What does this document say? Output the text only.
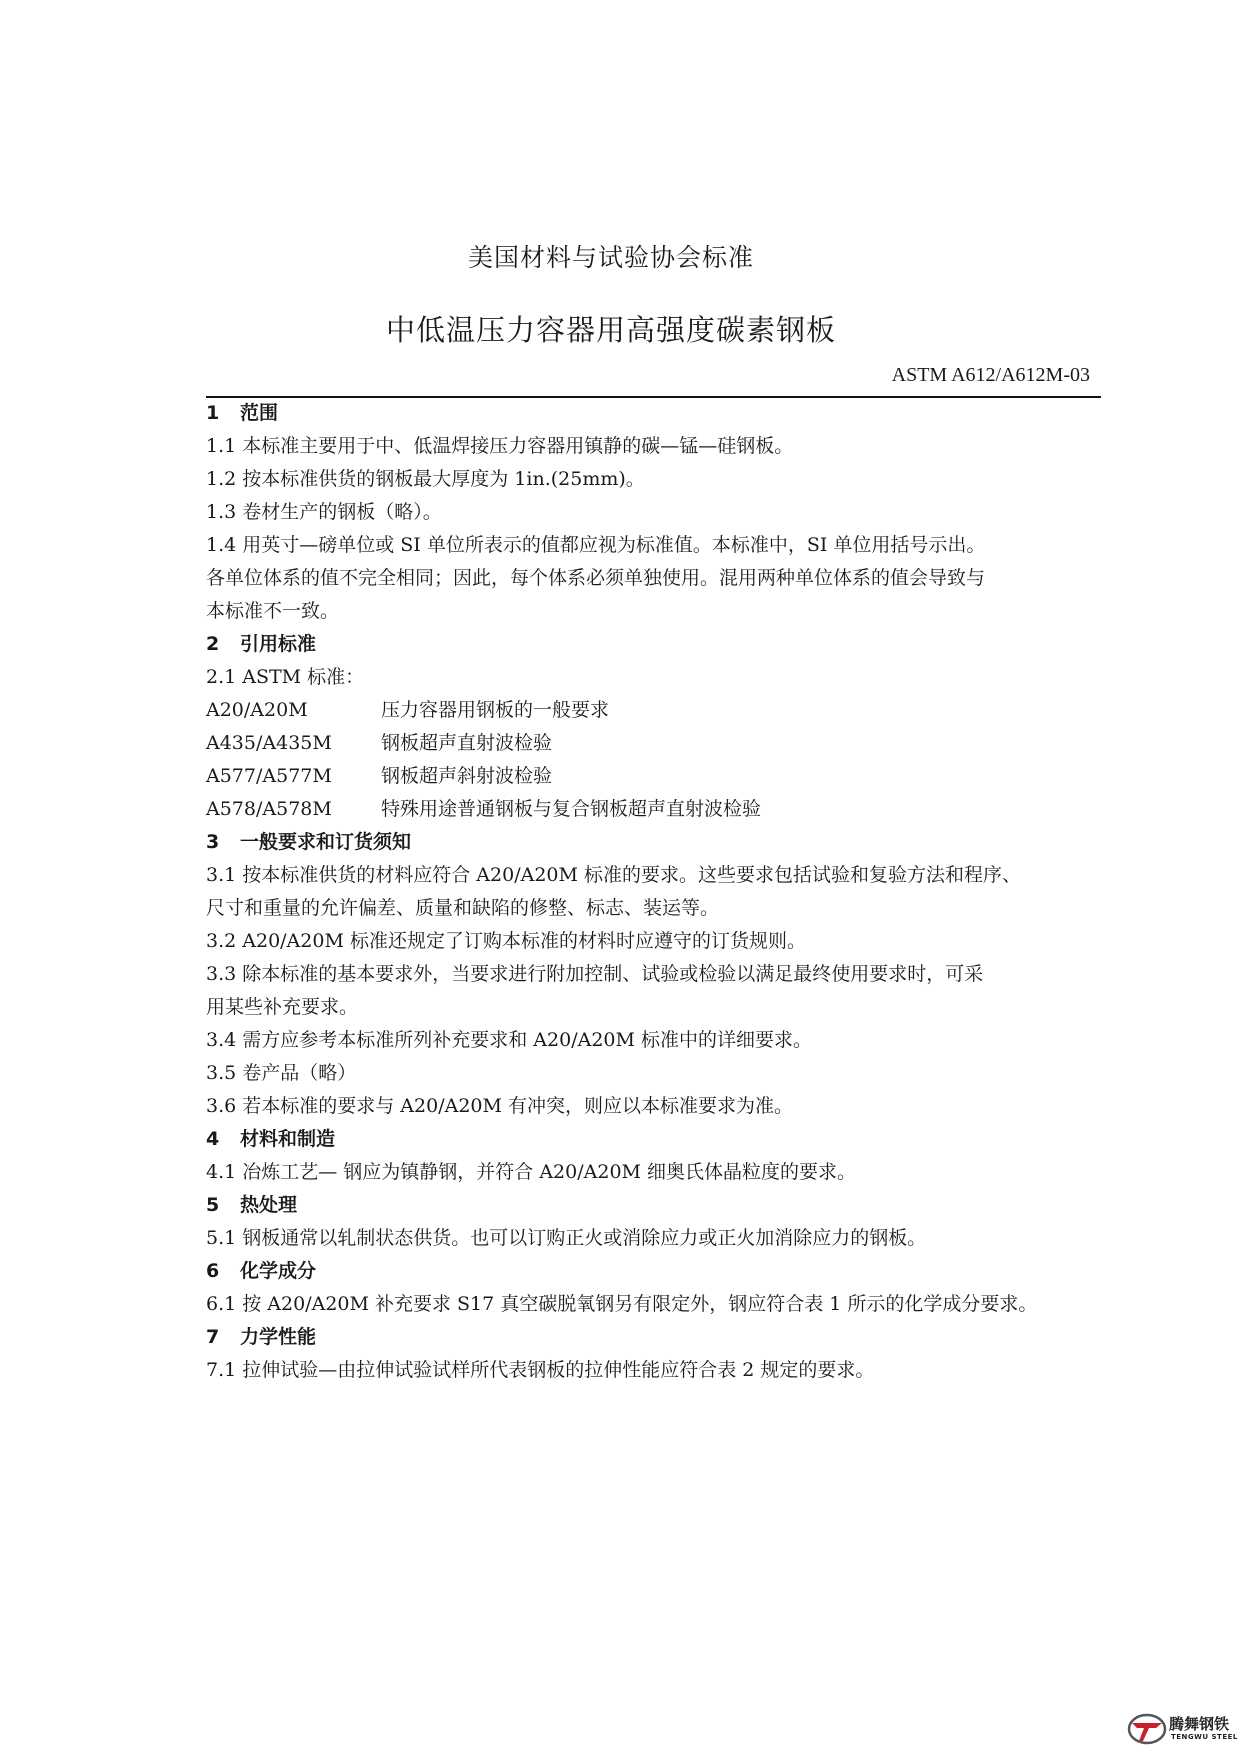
美国材料与试验协会标准
中低温压力容器用高强度碳素钢板
ASTM A612/A612M-03
1 范围
1.1 本标准主要用于中、低温焊接压力容器用镇静的碳—锰—硅钢板。
1.2 按本标准供货的钢板最大厚度为 1in.(25mm)。
1.3 卷材生产的钢板（略）。
1.4 用英寸—磅单位或 SI 单位所表示的值都应视为标准值。本标准中，SI 单位用括号示出。
各单位体系的值不完全相同；因此，每个体系必须单独使用。混用两种单位体系的值会导致与
本标准不一致。
2 引用标准
2.1 ASTM 标准：
A20/A20M	压力容器用钢板的一般要求
A435/A435M	钢板超声直射波检验
A577/A577M	钢板超声斜射波检验
A578/A578M	特殊用途普通钢板与复合钢板超声直射波检验
3 一般要求和订货须知
3.1 按本标准供货的材料应符合 A20/A20M 标准的要求。这些要求包括试验和复验方法和程序、
尺寸和重量的允许偏差、质量和缺陷的修整、标志、装运等。
3.2 A20/A20M 标准还规定了订购本标准的材料时应遵守的订货规则。
3.3 除本标准的基本要求外，当要求进行附加控制、试验或检验以满足最终使用要求时，可采
用某些补充要求。
3.4 需方应参考本标准所列补充要求和 A20/A20M 标准中的详细要求。
3.5 卷产品（略）
3.6 若本标准的要求与 A20/A20M 有冲突，则应以本标准要求为准。
4 材料和制造
4.1 冶炼工艺— 钢应为镇静钢，并符合 A20/A20M 细奥氏体晶粒度的要求。
5 热处理
5.1 钢板通常以轧制状态供货。也可以订购正火或消除应力或正火加消除应力的钢板。
6 化学成分
6.1 按 A20/A20M 补充要求 S17 真空碳脱氧钢另有限定外，钢应符合表 1 所示的化学成分要求。
7 力学性能
7.1 拉伸试验—由拉伸试验试样所代表钢板的拉伸性能应符合表 2 规定的要求。
腾舞钢铁
TENGWU STEEL
